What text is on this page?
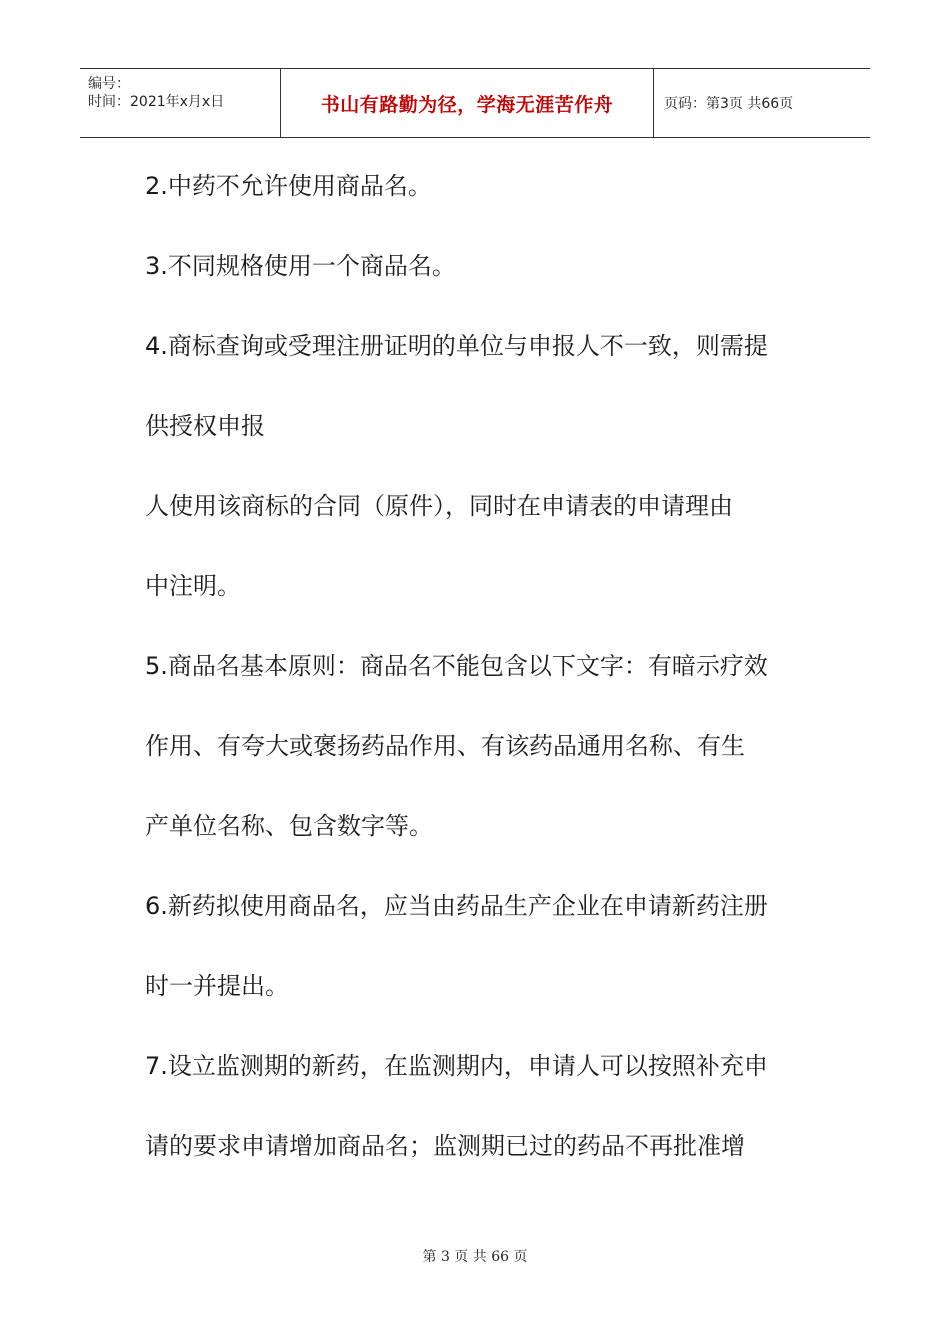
编号：
时间：2021年x月x日	书山有路勤为径，学海无涯苦作舟	页码：第3页 共66页
2.中药不允许使用商品名。
3.不同规格使用一个商品名。
4.商标查询或受理注册证明的单位与申报人不一致，则需提
供授权申报
人使用该商标的合同（原件），同时在申请表的申请理由
中注明。
5.商品名基本原则：商品名不能包含以下文字：有暗示疗效
作用、有夸大或褒扬药品作用、有该药品通用名称、有生
产单位名称、包含数字等。
6.新药拟使用商品名，应当由药品生产企业在申请新药注册
时一并提出。
7.设立监测期的新药，在监测期内，申请人可以按照补充申
请的要求申请增加商品名；监测期已过的药品不再批准增
第 3 页 共 66 页
